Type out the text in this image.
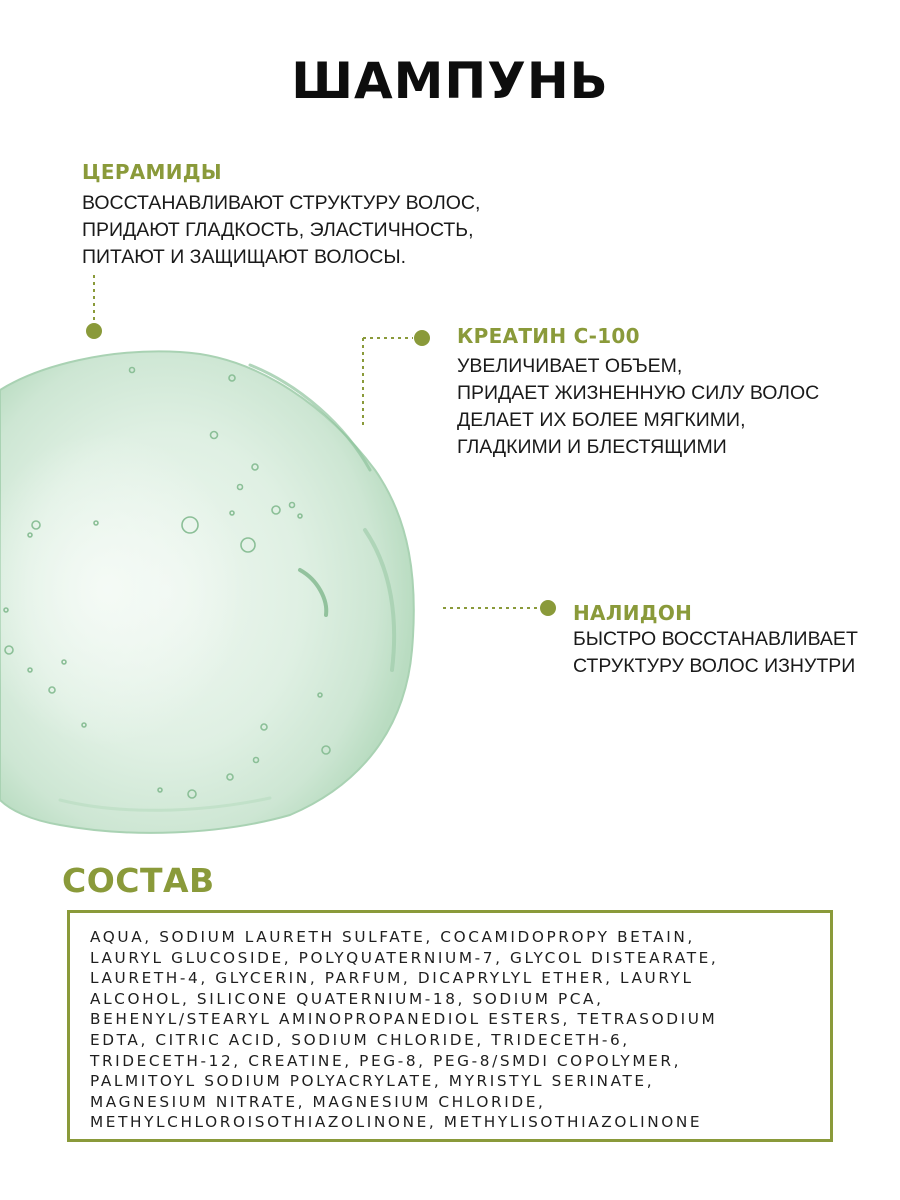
ШАМПУНЬ
ЦЕРАМИДЫ
ВОССТАНАВЛИВАЮТ СТРУКТУРУ ВОЛОС,
ПРИДАЮТ ГЛАДКОСТЬ, ЭЛАСТИЧНОСТЬ,
ПИТАЮТ И ЗАЩИЩАЮТ ВОЛОСЫ.
КРЕАТИН С-100
УВЕЛИЧИВАЕТ ОБЪЕМ,
ПРИДАЕТ ЖИЗНЕННУЮ СИЛУ ВОЛОС
ДЕЛАЕТ ИХ БОЛЕЕ МЯГКИМИ,
ГЛАДКИМИ И БЛЕСТЯЩИМИ
НАЛИДОН
БЫСТРО ВОССТАНАВЛИВАЕТ
СТРУКТУРУ ВОЛОС ИЗНУТРИ
СОСТАВ
AQUA, SODIUM LAURETH SULFATE, COCAMIDOPROPY BETAIN,
LAURYL GLUCOSIDE, POLYQUATERNIUM-7, GLYCOL DISTEARATE,
LAURETH-4, GLYCERIN, PARFUM, DICAPRYLYL ETHER, LAURYL
ALCOHOL, SILICONE QUATERNIUM-18, SODIUM PCA,
BEHENYL/STEARYL AMINOPROPANEDIOL ESTERS, TETRASODIUM
EDTA, CITRIC ACID, SODIUM CHLORIDE, TRIDECETH-6,
TRIDECETH-12, CREATINE, PEG-8, PEG-8/SMDI COPOLYMER,
PALMITOYL SODIUM POLYACRYLATE, MYRISTYL SERINATE,
MAGNESIUM NITRATE, MAGNESIUM CHLORIDE,
METHYLCHLOROISOTHIAZOLINONE, METHYLISOTHIAZOLINONE
